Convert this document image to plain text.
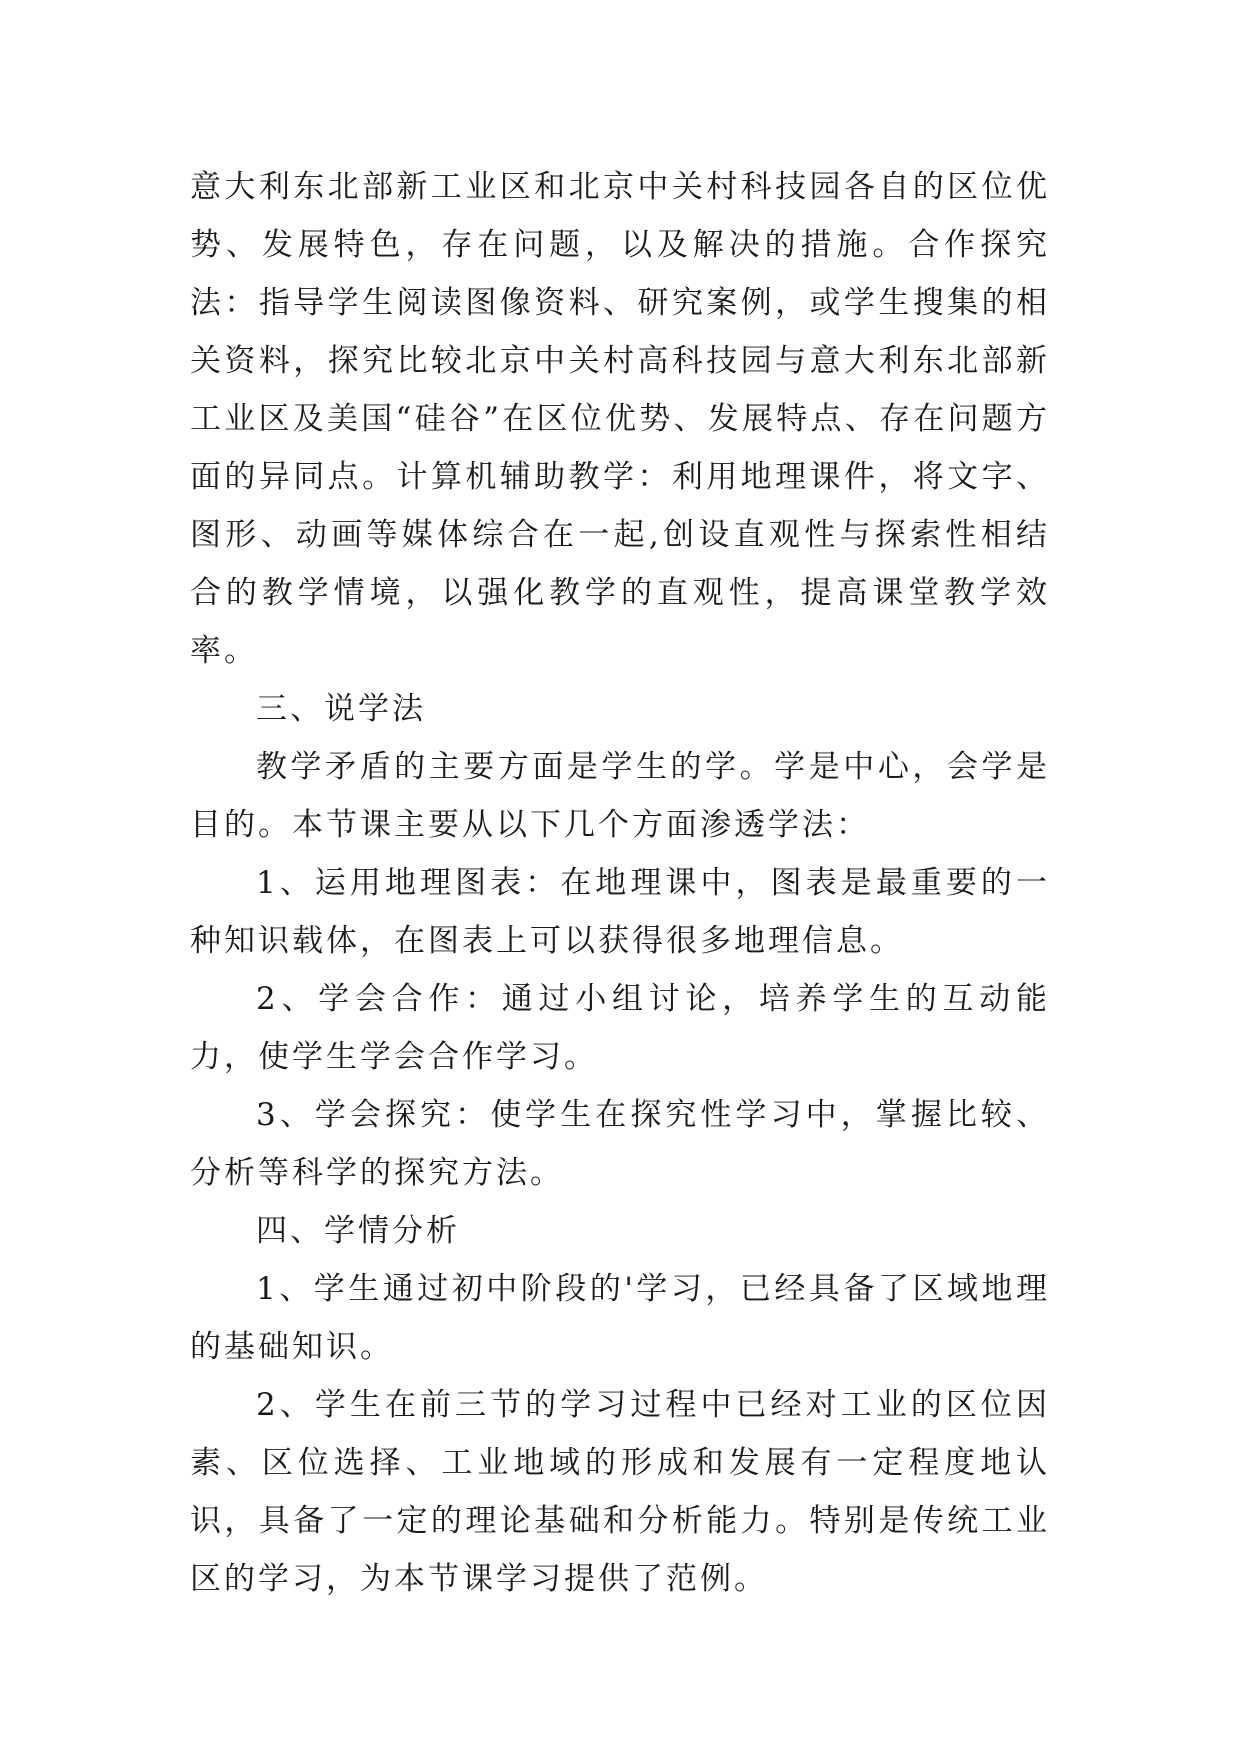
意大利东北部新工业区和北京中关村科技园各自的区位优势、发展特色，存在问题，以及解决的措施。合作探究法：指导学生阅读图像资料、研究案例，或学生搜集的相关资料，探究比较北京中关村高科技园与意大利东北部新工业区及美国“硅谷”在区位优势、发展特点、存在问题方面的异同点。计算机辅助教学：利用地理课件，将文字、图形、动画等媒体综合在一起,创设直观性与探索性相结合的教学情境，以强化教学的直观性，提高课堂教学效率。

三、说学法

教学矛盾的主要方面是学生的学。学是中心，会学是目的。本节课主要从以下几个方面渗透学法：

1、运用地理图表：在地理课中，图表是最重要的一种知识载体，在图表上可以获得很多地理信息。

2、学会合作：通过小组讨论，培养学生的互动能力，使学生学会合作学习。

3、学会探究：使学生在探究性学习中，掌握比较、分析等科学的探究方法。

四、学情分析

1、学生通过初中阶段的'学习，已经具备了区域地理的基础知识。

2、学生在前三节的学习过程中已经对工业的区位因素、区位选择、工业地域的形成和发展有一定程度地认识，具备了一定的理论基础和分析能力。特别是传统工业区的学习，为本节课学习提供了范例。
